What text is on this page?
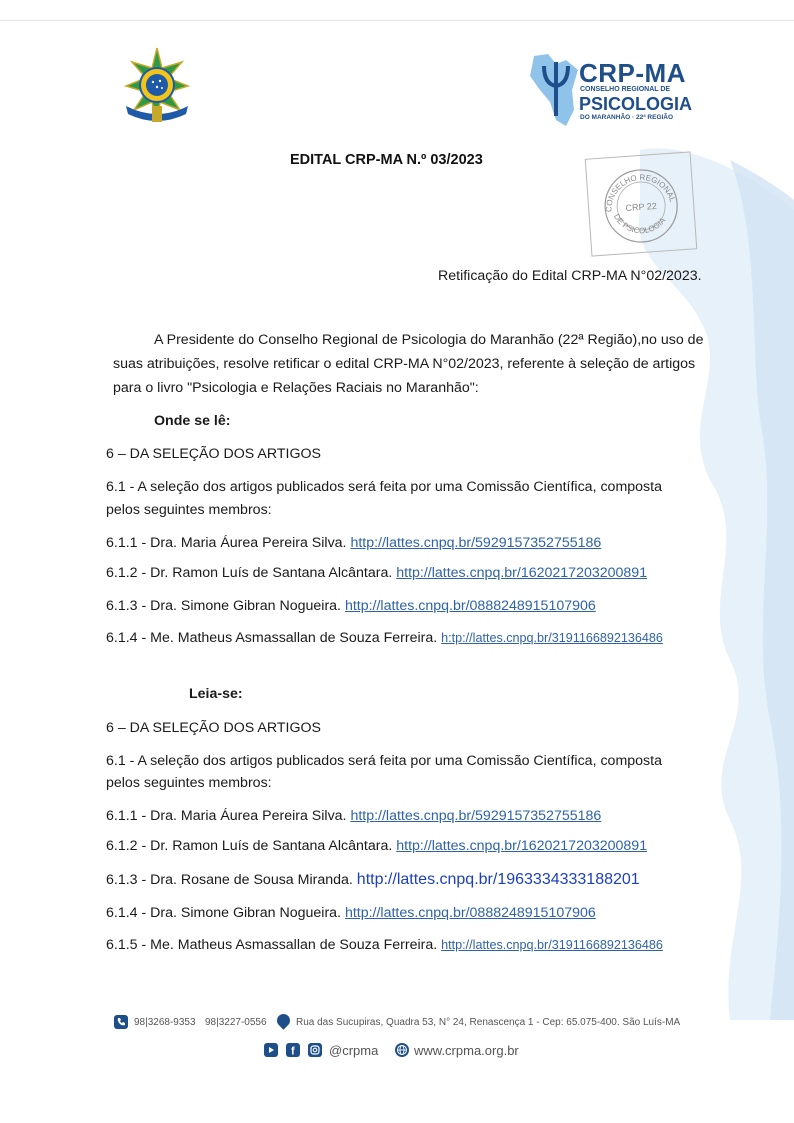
CRP-MA
CONSELHO REGIONAL DE
PSICOLOGIA
DO MARANHÃO · 22ª REGIÃO
EDITAL CRP-MA N.º 03/2023
CONSELHO REGIONAL
DE PSICOLOGIA
CRP 22
Retificação do Edital CRP-MA N°02/2023.
A Presidente do Conselho Regional de Psicologia do Maranhão (22ª Região),no uso de
suas atribuições, resolve retificar o edital CRP-MA N°02/2023, referente à seleção de artigos
para o livro "Psicologia e Relações Raciais no Maranhão":
Onde se lê:
6 – DA SELEÇÃO DOS ARTIGOS
6.1 - A seleção dos artigos publicados será feita por uma Comissão Científica, composta
pelos seguintes membros:
6.1.1 - Dra. Maria Áurea Pereira Silva. http://lattes.cnpq.br/5929157352755186
6.1.2 - Dr. Ramon Luís de Santana Alcântara. http://lattes.cnpq.br/1620217203200891
6.1.3 - Dra. Simone Gibran Nogueira. http://lattes.cnpq.br/0888248915107906
6.1.4 - Me. Matheus Asmassallan de Souza Ferreira. h:tp://lattes.cnpq.br/3191166892136486
Leia-se:
6 – DA SELEÇÃO DOS ARTIGOS
6.1 - A seleção dos artigos publicados será feita por uma Comissão Científica, composta
pelos seguintes membros:
6.1.1 - Dra. Maria Áurea Pereira Silva. http://lattes.cnpq.br/5929157352755186
6.1.2 - Dr. Ramon Luís de Santana Alcântara. http://lattes.cnpq.br/1620217203200891
6.1.3 - Dra. Rosane de Sousa Miranda. http://lattes.cnpq.br/1963334333188201
6.1.4 - Dra. Simone Gibran Nogueira. http://lattes.cnpq.br/0888248915107906
6.1.5 - Me. Matheus Asmassallan de Souza Ferreira. http://lattes.cnpq.br/3191166892136486
98|3268-9353 98|3227-0556	Rua das Sucupiras, Quadra 53, N° 24, Renascença 1 - Cep: 65.075-400. São Luís-MA
f	@crpma	www.crpma.org.br
